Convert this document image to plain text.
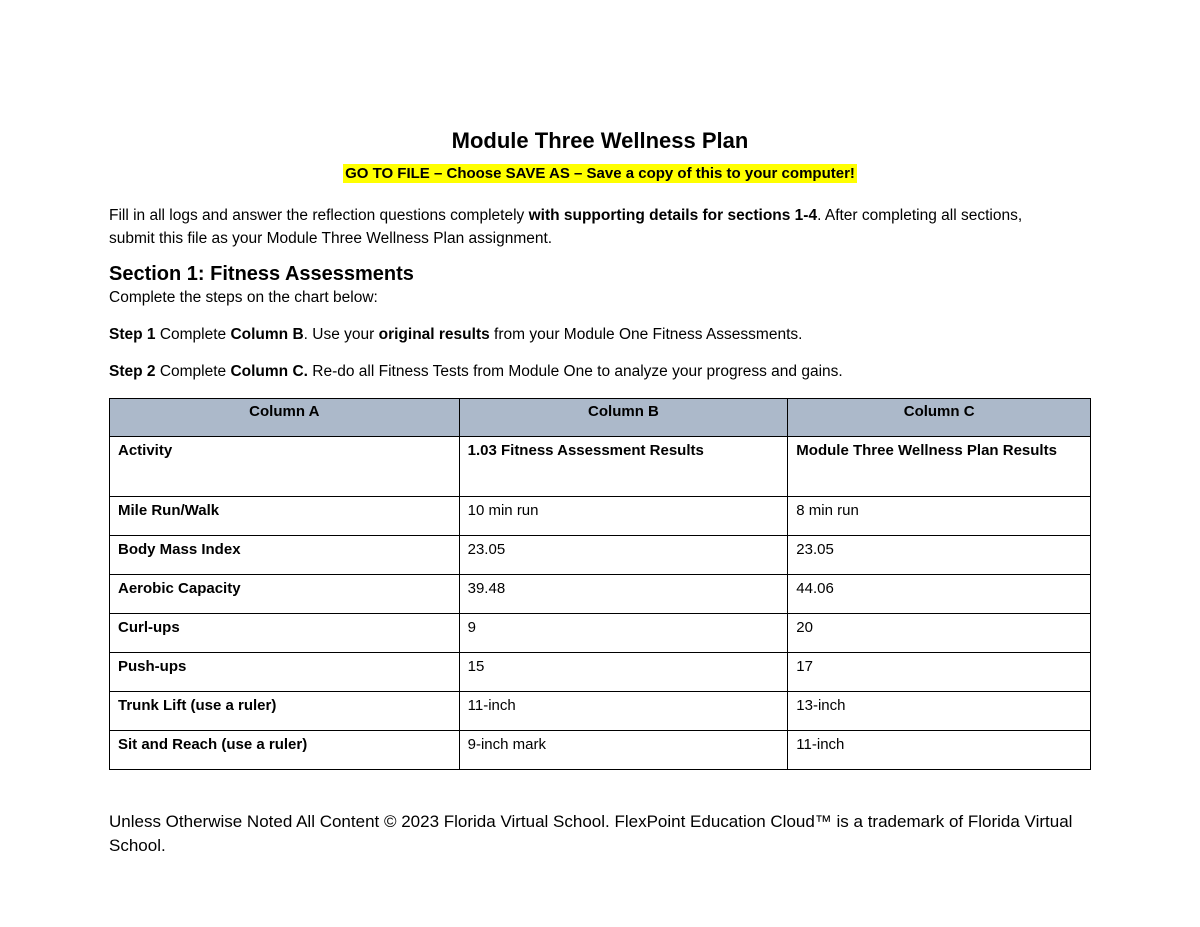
Module Three Wellness Plan
GO TO FILE – Choose SAVE AS – Save a copy of this to your computer!
Fill in all logs and answer the reflection questions completely with supporting details for sections 1-4. After completing all sections, submit this file as your Module Three Wellness Plan assignment.
Section 1: Fitness Assessments
Complete the steps on the chart below:
Step 1 Complete Column B. Use your original results from your Module One Fitness Assessments.
Step 2 Complete Column C. Re-do all Fitness Tests from Module One to analyze your progress and gains.
Column A	Column B	Column C
Activity	1.03 Fitness Assessment Results	Module Three Wellness Plan Results
Mile Run/Walk	10 min run	8 min run
Body Mass Index	23.05	23.05
Aerobic Capacity	39.48	44.06
Curl-ups	9	20
Push-ups	15	17
Trunk Lift (use a ruler)	11-inch	13-inch
Sit and Reach (use a ruler)	9-inch mark	11-inch
Unless Otherwise Noted All Content © 2023 Florida Virtual School. FlexPoint Education Cloud™ is a trademark of Florida Virtual School.
